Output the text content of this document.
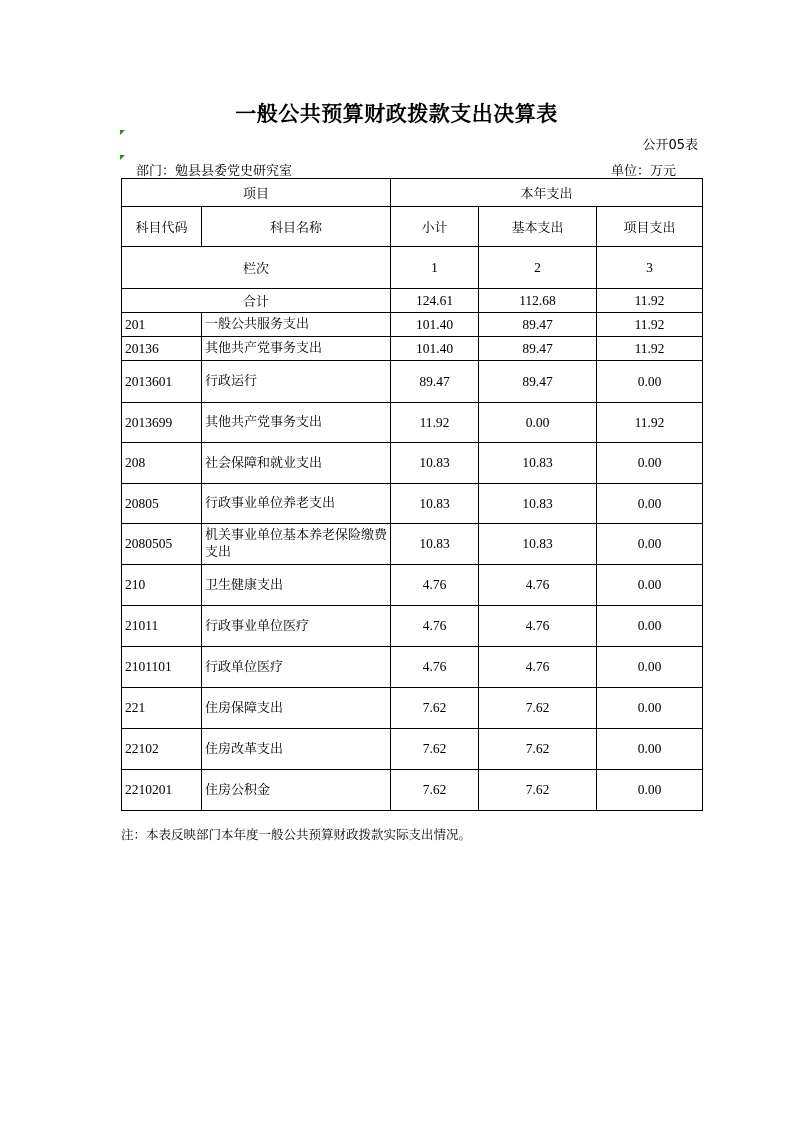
一般公共预算财政拨款支出决算表
公开05表
部门：勉县县委党史研究室	单位：万元
项目		本年支出		
科目代码	科目名称	小计	基本支出	项目支出
栏次		1	2	3
合计		124.61	112.68	11.92
201	一般公共服务支出	101.40	89.47	11.92
20136	其他共产党事务支出	101.40	89.47	11.92
2013601	行政运行	89.47	89.47	0.00
2013699	其他共产党事务支出	11.92	0.00	11.92
208	社会保障和就业支出	10.83	10.83	0.00
20805	行政事业单位养老支出	10.83	10.83	0.00
2080505	机关事业单位基本养老保险缴费支出	10.83	10.83	0.00
210	卫生健康支出	4.76	4.76	0.00
21011	行政事业单位医疗	4.76	4.76	0.00
2101101	行政单位医疗	4.76	4.76	0.00
221	住房保障支出	7.62	7.62	0.00
22102	住房改革支出	7.62	7.62	0.00
2210201	住房公积金	7.62	7.62	0.00
注：本表反映部门本年度一般公共预算财政拨款实际支出情况。
